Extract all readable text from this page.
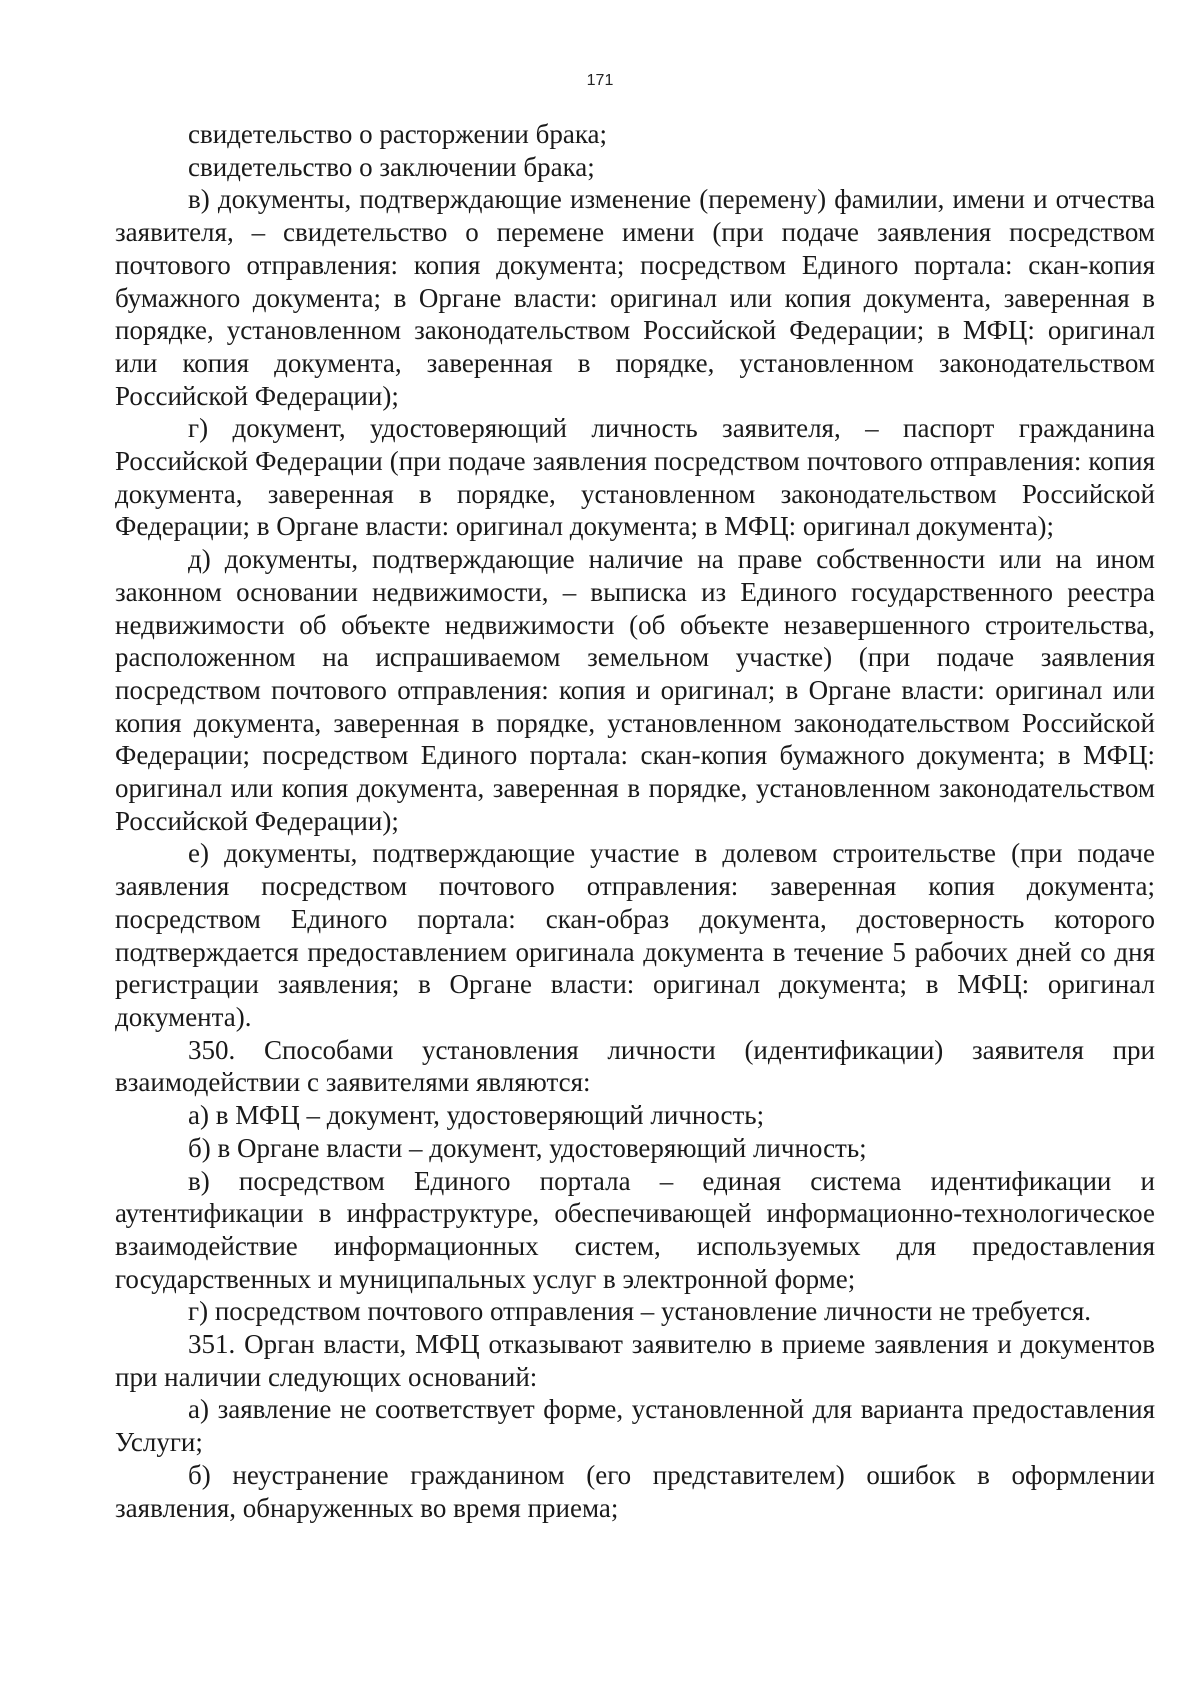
171

свидетельство о расторжении брака;

свидетельство о заключении брака;

в) документы, подтверждающие изменение (перемену) фамилии, имени и отчества заявителя, – свидетельство о перемене имени (при подаче заявления посредством почтового отправления: копия документа; посредством Единого портала: скан-копия бумажного документа; в Органе власти: оригинал или копия документа, заверенная в порядке, установленном законодательством Российской Федерации; в МФЦ: оригинал или копия документа, заверенная в порядке, установленном законодательством Российской Федерации);

г) документ, удостоверяющий личность заявителя, – паспорт гражданина Российской Федерации (при подаче заявления посредством почтового отправления: копия документа, заверенная в порядке, установленном законодательством Российской Федерации; в Органе власти: оригинал документа; в МФЦ: оригинал документа);

д) документы, подтверждающие наличие на праве собственности или на ином законном основании недвижимости, – выписка из Единого государственного реестра недвижимости об объекте недвижимости (об объекте незавершенного строительства, расположенном на испрашиваемом земельном участке) (при подаче заявления посредством почтового отправления: копия и оригинал; в Органе власти: оригинал или копия документа, заверенная в порядке, установленном законодательством Российской Федерации; посредством Единого портала: скан-копия бумажного документа; в МФЦ: оригинал или копия документа, заверенная в порядке, установленном законодательством Российской Федерации);

е) документы, подтверждающие участие в долевом строительстве (при подаче заявления посредством почтового отправления: заверенная копия документа; посредством Единого портала: скан-образ документа, достоверность которого подтверждается предоставлением оригинала документа в течение 5 рабочих дней со дня регистрации заявления; в Органе власти: оригинал документа; в МФЦ: оригинал документа).

350. Способами установления личности (идентификации) заявителя при взаимодействии с заявителями являются:

а) в МФЦ – документ, удостоверяющий личность;

б) в Органе власти – документ, удостоверяющий личность;

в) посредством Единого портала – единая система идентификации и аутентификации в инфраструктуре, обеспечивающей информационно-технологическое взаимодействие информационных систем, используемых для предоставления государственных и муниципальных услуг в электронной форме;

г) посредством почтового отправления – установление личности не требуется.

351. Орган власти, МФЦ отказывают заявителю в приеме заявления и документов при наличии следующих оснований:

а) заявление не соответствует форме, установленной для варианта предоставления Услуги;

б) неустранение гражданином (его представителем) ошибок в оформлении заявления, обнаруженных во время приема;
